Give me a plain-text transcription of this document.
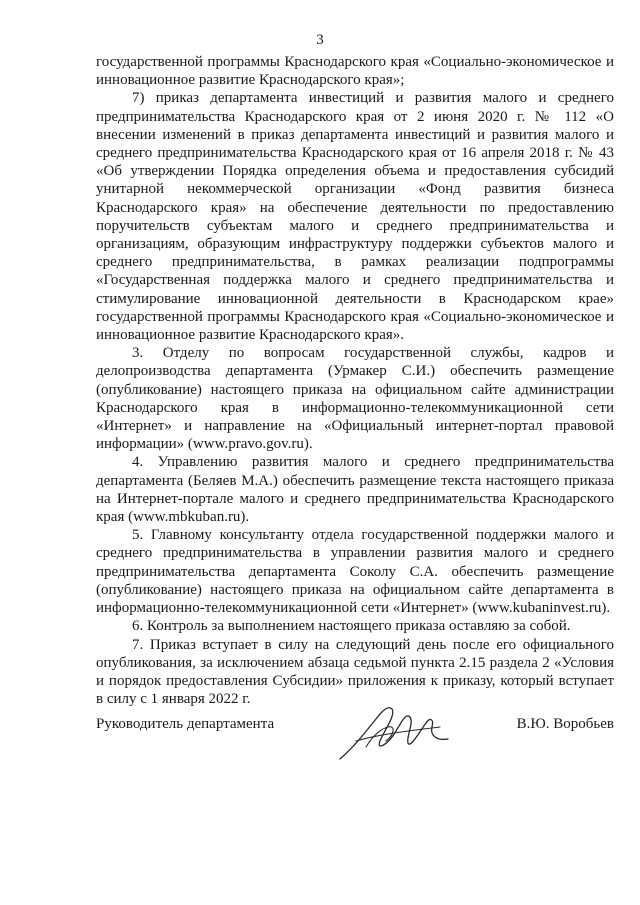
3

государственной программы Краснодарского края «Социально-экономическое и инновационное развитие Краснодарского края»;

7) приказ департамента инвестиций и развития малого и среднего предпринимательства Краснодарского края от 2 июня 2020 г. № 112 «О внесении изменений в приказ департамента инвестиций и развития малого и среднего предпринимательства Краснодарского края от 16 апреля 2018 г. № 43 «Об утверждении Порядка определения объема и предоставления субсидий унитарной некоммерческой организации «Фонд развития бизнеса Краснодарского края» на обеспечение деятельности по предоставлению поручительств субъектам малого и среднего предпринимательства и организациям, образующим инфраструктуру поддержки субъектов малого и среднего предпринимательства, в рамках реализации подпрограммы «Государственная поддержка малого и среднего предпринимательства и стимулирование инновационной деятельности в Краснодарском крае» государственной программы Краснодарского края «Социально-экономическое и инновационное развитие Краснодарского края».

3. Отделу по вопросам государственной службы, кадров и делопроизводства департамента (Урмакер С.И.) обеспечить размещение (опубликование) настоящего приказа на официальном сайте администрации Краснодарского края в информационно-телекоммуникационной сети «Интернет» и направление на «Официальный интернет-портал правовой информации» (www.pravo.gov.ru).

4. Управлению развития малого и среднего предпринимательства департамента (Беляев М.А.) обеспечить размещение текста настоящего приказа на Интернет-портале малого и среднего предпринимательства Краснодарского края (www.mbkuban.ru).

5. Главному консультанту отдела государственной поддержки малого и среднего предпринимательства в управлении развития малого и среднего предпринимательства департамента Соколу С.А. обеспечить размещение (опубликование) настоящего приказа на официальном сайте департамента в информационно-телекоммуникационной сети «Интернет» (www.kubaninvest.ru).

6. Контроль за выполнением настоящего приказа оставляю за собой.

7. Приказ вступает в силу на следующий день после его официального опубликования, за исключением абзаца седьмой пункта 2.15 раздела 2 «Условия и порядок предоставления Субсидии» приложения к приказу, который вступает в силу с 1 января 2022 г.

Руководитель департамента	В.Ю. Воробьев
